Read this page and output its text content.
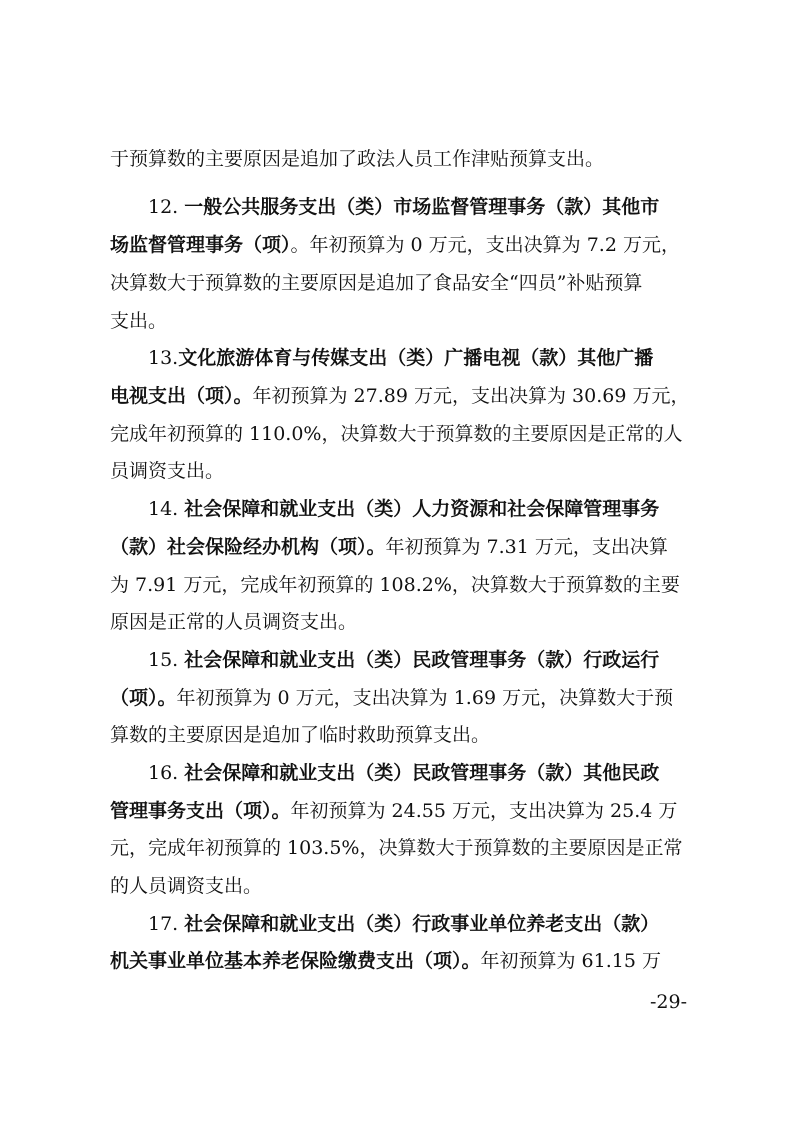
于预算数的主要原因是追加了政法人员工作津贴预算支出。
12. 一般公共服务支出（类）市场监督管理事务（款）其他市
场监督管理事务（项）。年初预算为 0 万元，支出决算为 7.2 万元，
决算数大于预算数的主要原因是追加了食品安全“四员”补贴预算
支出。
13.文化旅游体育与传媒支出（类）广播电视（款）其他广播
电视支出（项）。年初预算为 27.89 万元，支出决算为 30.69 万元，
完成年初预算的 110.0%，决算数大于预算数的主要原因是正常的人
员调资支出。
14. 社会保障和就业支出（类）人力资源和社会保障管理事务
（款）社会保险经办机构（项）。年初预算为 7.31 万元，支出决算
为 7.91 万元，完成年初预算的 108.2%，决算数大于预算数的主要
原因是正常的人员调资支出。
15. 社会保障和就业支出（类）民政管理事务（款）行政运行
（项）。年初预算为 0 万元，支出决算为 1.69 万元，决算数大于预
算数的主要原因是追加了临时救助预算支出。
16. 社会保障和就业支出（类）民政管理事务（款）其他民政
管理事务支出（项）。年初预算为 24.55 万元，支出决算为 25.4 万
元，完成年初预算的 103.5%，决算数大于预算数的主要原因是正常
的人员调资支出。
17. 社会保障和就业支出（类）行政事业单位养老支出（款）
机关事业单位基本养老保险缴费支出（项）。年初预算为 61.15 万
-29-
